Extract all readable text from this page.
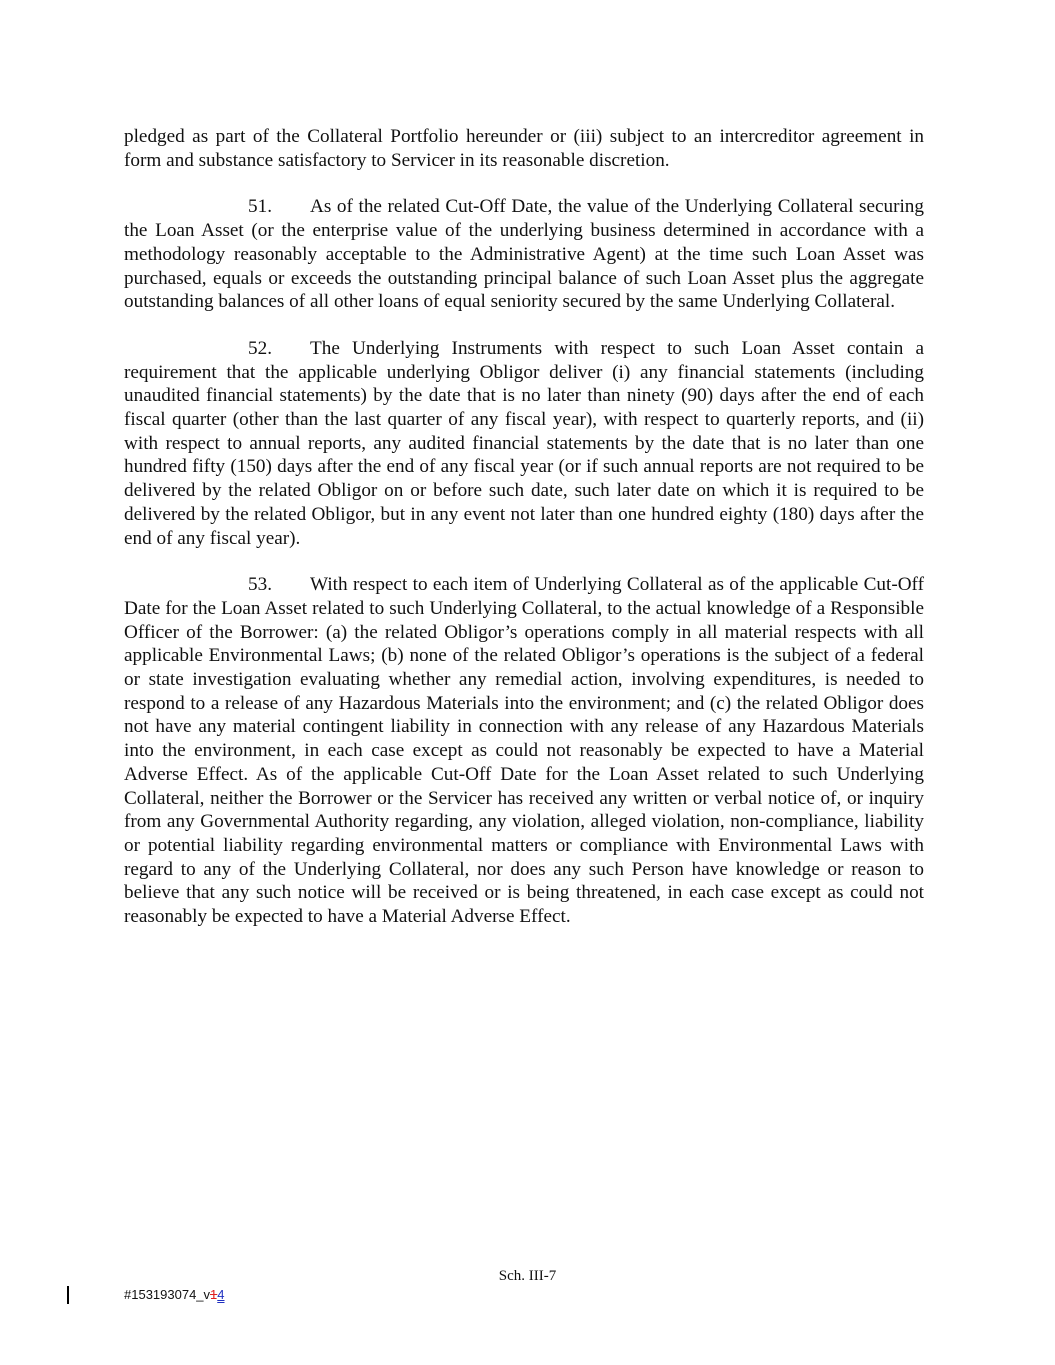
pledged as part of the Collateral Portfolio hereunder or (iii) subject to an intercreditor agreement in form and substance satisfactory to Servicer in its reasonable discretion.

51. As of the related Cut-Off Date, the value of the Underlying Collateral securing the Loan Asset (or the enterprise value of the underlying business determined in accordance with a methodology reasonably acceptable to the Administrative Agent) at the time such Loan Asset was purchased, equals or exceeds the outstanding principal balance of such Loan Asset plus the aggregate outstanding balances of all other loans of equal seniority secured by the same Underlying Collateral.

52. The Underlying Instruments with respect to such Loan Asset contain a requirement that the applicable underlying Obligor deliver (i) any financial statements (including unaudited financial statements) by the date that is no later than ninety (90) days after the end of each fiscal quarter (other than the last quarter of any fiscal year), with respect to quarterly reports, and (ii) with respect to annual reports, any audited financial statements by the date that is no later than one hundred fifty (150) days after the end of any fiscal year (or if such annual reports are not required to be delivered by the related Obligor on or before such date, such later date on which it is required to be delivered by the related Obligor, but in any event not later than one hundred eighty (180) days after the end of any fiscal year).

53. With respect to each item of Underlying Collateral as of the applicable Cut-Off Date for the Loan Asset related to such Underlying Collateral, to the actual knowledge of a Responsible Officer of the Borrower: (a) the related Obligor’s operations comply in all material respects with all applicable Environmental Laws; (b) none of the related Obligor’s operations is the subject of a federal or state investigation evaluating whether any remedial action, involving expenditures, is needed to respond to a release of any Hazardous Materials into the environment; and (c) the related Obligor does not have any material contingent liability in connection with any release of any Hazardous Materials into the environment, in each case except as could not reasonably be expected to have a Material Adverse Effect. As of the applicable Cut-Off Date for the Loan Asset related to such Underlying Collateral, neither the Borrower or the Servicer has received any written or verbal notice of, or inquiry from any Governmental Authority regarding, any violation, alleged violation, non-compliance, liability or potential liability regarding environmental matters or compliance with Environmental Laws with regard to any of the Underlying Collateral, nor does any such Person have knowledge or reason to believe that any such notice will be received or is being threatened, in each case except as could not reasonably be expected to have a Material Adverse Effect.

Sch. III-7
#153193074_v14
